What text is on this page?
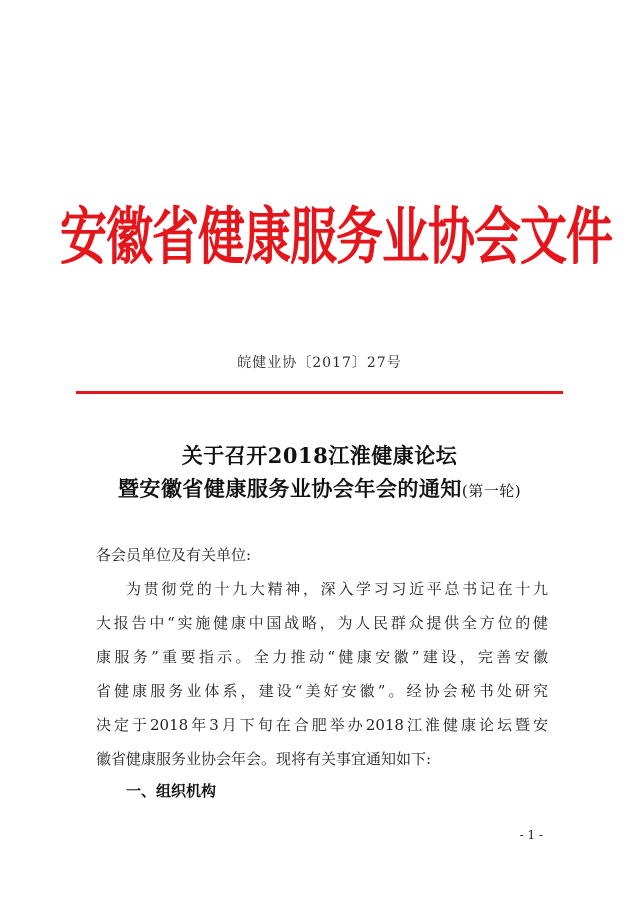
安徽省健康服务业协会文件
皖健业协〔2017〕27号
关于召开2018江淮健康论坛
暨安徽省健康服务业协会年会的通知(第一轮)
各会员单位及有关单位:
为贯彻党的十九大精神，深入学习习近平总书记在十九
大报告中“实施健康中国战略，为人民群众提供全方位的健
康服务”重要指示。全力推动“健康安徽”建设，完善安徽
省健康服务业体系，建设“美好安徽”。经协会秘书处研究
决定于2018年3月下旬在合肥举办2018江淮健康论坛暨安
徽省健康服务业协会年会。现将有关事宜通知如下:
一、组织机构
- 1 -
